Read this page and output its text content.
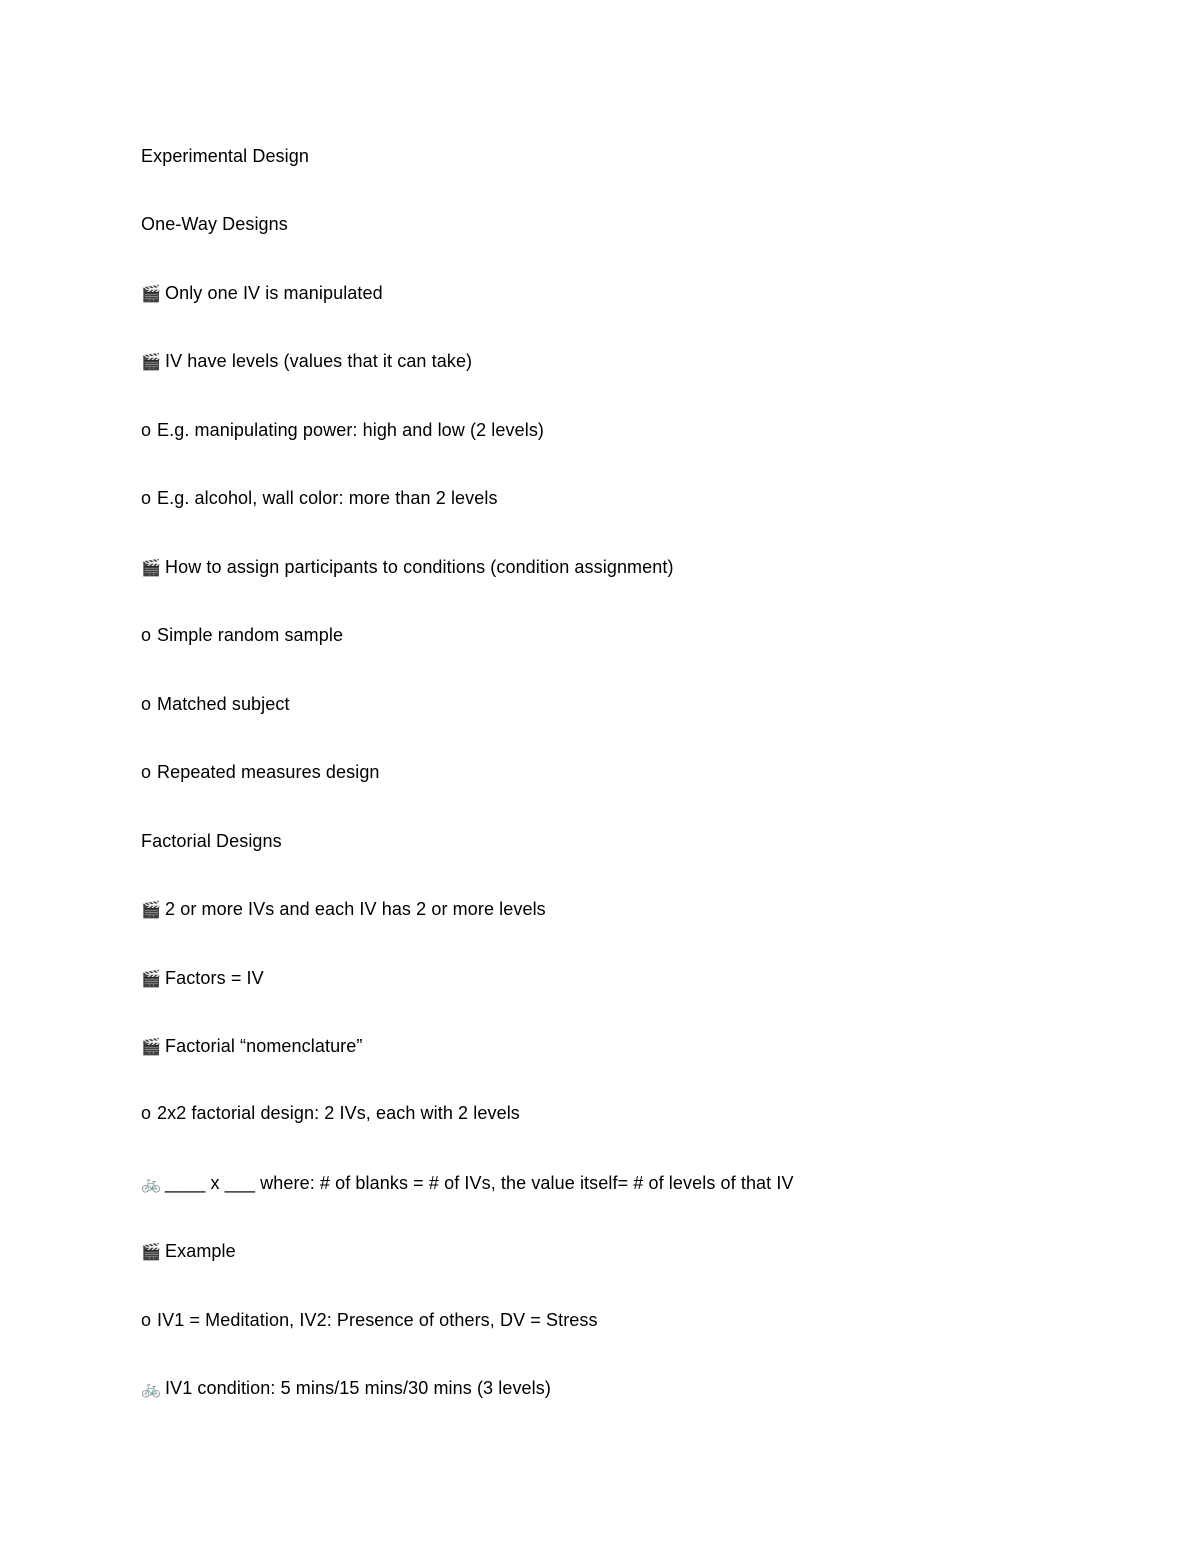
Experimental Design
One-Way Designs
🎬 Only one IV is manipulated
🎬 IV have levels (values that it can take)
o E.g. manipulating power: high and low (2 levels)
o E.g. alcohol, wall color: more than 2 levels
🎬 How to assign participants to conditions (condition assignment)
o Simple random sample
o Matched subject
o Repeated measures design
Factorial Designs
🎬 2 or more IVs and each IV has 2 or more levels
🎬 Factors = IV
🎬 Factorial “nomenclature”
o 2x2 factorial design: 2 IVs, each with 2 levels
🚲 ____ x ___ where: # of blanks = # of IVs, the value itself= # of levels of that IV
🎬 Example
o IV1 = Meditation, IV2: Presence of others, DV = Stress
🚲 IV1 condition: 5 mins/15 mins/30 mins (3 levels)
